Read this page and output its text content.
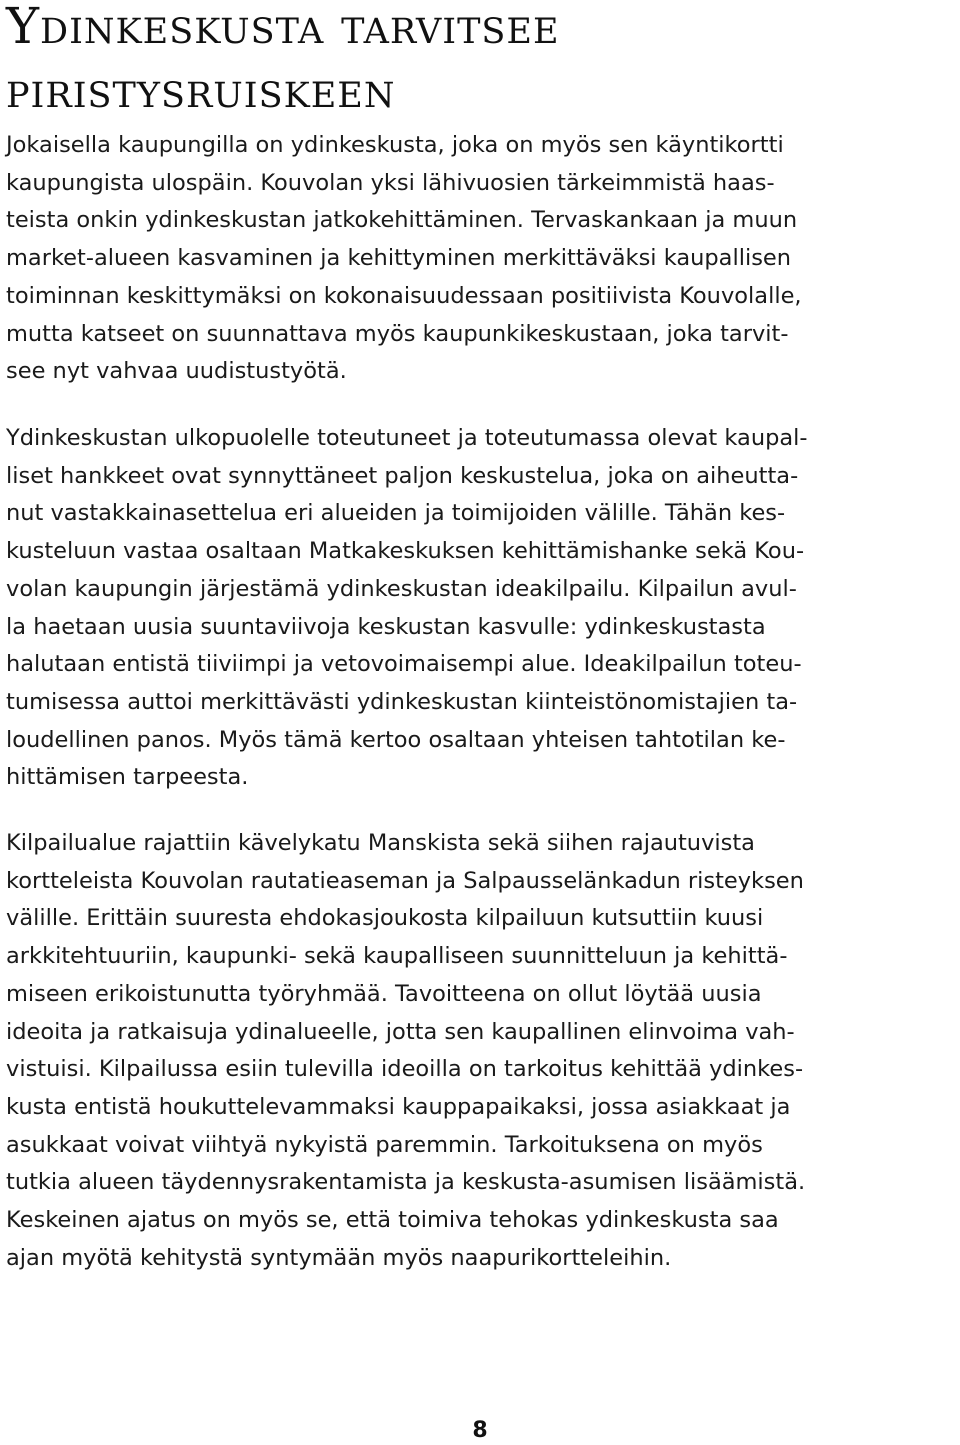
Ydinkeskusta tarvitsee
piristysruiskeen
Jokaisella kaupungilla on ydinkeskusta, joka on myös sen käyntikortti
kaupungista ulospäin. Kouvolan yksi lähivuosien tärkeimmistä haas-
teista onkin ydinkeskustan jatkokehittäminen. Tervaskankaan ja muun
market-alueen kasvaminen ja kehittyminen merkittäväksi kaupallisen
toiminnan keskittymäksi on kokonaisuudessaan positiivista Kouvolalle,
mutta katseet on suunnattava myös kaupunkikeskustaan, joka tarvit-
see nyt vahvaa uudistustyötä.
Ydinkeskustan ulkopuolelle toteutuneet ja toteutumassa olevat kaupal-
liset hankkeet ovat synnyttäneet paljon keskustelua, joka on aiheutta-
nut vastakkainasettelua eri alueiden ja toimijoiden välille. Tähän kes-
kusteluun vastaa osaltaan Matkakeskuksen kehittämishanke sekä Kou-
volan kaupungin järjestämä ydinkeskustan ideakilpailu. Kilpailun avul-
la haetaan uusia suuntaviivoja keskustan kasvulle: ydinkeskustasta
halutaan entistä tiiviimpi ja vetovoimaisempi alue. Ideakilpailun toteu-
tumisessa auttoi merkittävästi ydinkeskustan kiinteistönomistajien ta-
loudellinen panos. Myös tämä kertoo osaltaan yhteisen tahtotilan ke-
hittämisen tarpeesta.
Kilpailualue rajattiin kävelykatu Manskista sekä siihen rajautuvista
kortteleista Kouvolan rautatieaseman ja Salpausselänkadun risteyksen
välille. Erittäin suuresta ehdokasjoukosta kilpailuun kutsuttiin kuusi
arkkitehtuuriin, kaupunki- sekä kaupalliseen suunnitteluun ja kehittä-
miseen erikoistunutta työryhmää. Tavoitteena on ollut löytää uusia
ideoita ja ratkaisuja ydinalueelle, jotta sen kaupallinen elinvoima vah-
vistuisi. Kilpailussa esiin tulevilla ideoilla on tarkoitus kehittää ydinkes-
kusta entistä houkuttelevammaksi kauppapaikaksi, jossa asiakkaat ja
asukkaat voivat viihtyä nykyistä paremmin. Tarkoituksena on myös
tutkia alueen täydennysrakentamista ja keskusta-asumisen lisäämistä.
Keskeinen ajatus on myös se, että toimiva tehokas ydinkeskusta saa
ajan myötä kehitystä syntymään myös naapurikortteleihin.
8
